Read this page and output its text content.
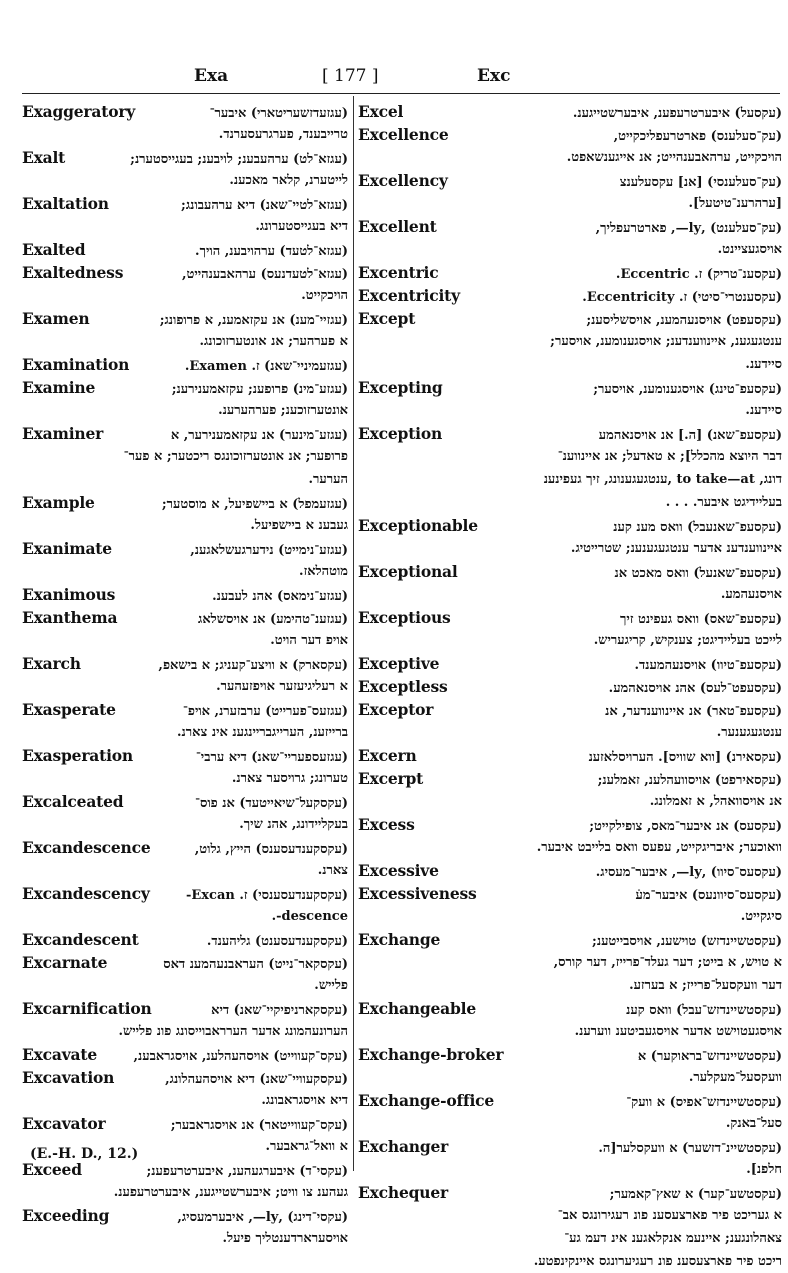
Exa	[ 177 ]	Exc
Exaggeratory	(עגזעדזשעריטארי) איבער־
טרייבענד, פערגרעסערנד.
Exalt	(עגזא־לט) ערהעבענ; לויבענ; בעגייסטערנ;
לייטערנ, קלאר מאכענ.
Exaltation	(עגזא־לטיי־שאנ) דיא ערהעבונג;
דיא בעגייסטערונג.
Exalted	(עגזא־לטעד) ערהויבענ, הויך.
Exaltedness	(עגזא־לטעדנעס) ערהאבענהייט,
הויכקייט.
Examen	(עגזיי־מענ) אנ עקזאמענ, א פרופונג;
א פערהער; אנ אונטערזוכונג.
Examination	(עגזעמיניי־שאנ) ז. Examen.
Examine	(עגזע־מינ) פרופענ; עקזאמענירענ;
אונטערזוכענ; פערהערענ.
Examiner	(עגזע־מינער) אנ עקזאמענירער, א
פרופער; אנ אונטערזוכונגס ריכטער; א פער־
הערער.
Example	(עגזעמפל) א ביישפיעל, א מוסטער;
געבענ א ביישפיעל.
Exanimate	(עגזע־נימייט) נידערגעשלאגענ,
מוטהלאז.
Exanimous	(עגזע־נימאס) אהנ לעבענ.
Exanthema	(עגזענ־טהימע) אנ אויסשלאג
אויפ דער הויט.
Exarch	(עקסארק) א וויצע־קעניג; א בישאפ,
א רעליגיעזער אויפזעהער.
Exasperate	(עגזעס־פערייט) ערבזערנ, אויפ־
ברייזענ, הערייגבריינגענ אינ צארנ.
Exasperation	(עגזעספעריי־שאנ) דיא ערבי־
טערונג; גרויסער צארנ.
Excalceated	(עקסקעל־שיאייטעד) אנ פוס־
בעקליידונג, אהנ שיך.
Excandescence	(עקסקענדעסענס) הייץ, גלוט,
צארנ.
Excandescency	(עקסקענדעסענסי) ז. Excan-
descence-.
Excandescent	(עקסקענדעסענט) גליהענד.
Excarnate	(עקסקאר־נייט) העראבנעהמענ דאס
פלייש.
Excarnification	(עקסקארניפיקיי־שאנ) דיא
הערונעהמונג אדער הערראבוייסונג פונ פלייש.
Excavate	(עקס־קעווייט) אויסהעהלענ, אויסגראבענ,
Excavation	(עקסקעוויי־שאנ) דיא אויסהעהלונג,
דיא אויסגראבונג.
Excavator	(עקס־קעווייטאר) אנ אויסגראבער;
א וואל־גראבער.
Exceed	(עקסי־ד) איבערגעהענ, איבערטרעפענ;
געהענ צו וויט; איבערשטייגענ, איבערטרעפענ.
Exceeding	(עקסי־דינג) ,ly—, איבערמעסיג,
אויסערארדענטליך פיעל.
Excel	(עקסעל) איבערטרעפענ, איבערשטייגענ.
Excellence	(עק־סעלענס) פארטרעפליכקייט,
הויכקייט, ערהאבענהייט; אנ אייגענשאפט.
Excellency	(עק־סעלענסי) [אנ] עקסעלענצ
[ערהרענ־טיטעל].
Excellent	(עק־סעלענט) ,ly—, פארטרעפליך,
אויסגעציינט.
Excentric	(עקסענ־טריק) ז. Eccentric.
Excentricity	(עקסענטרי־סיטי) ז. Eccentricity.
Except	(עקסעפט) אויסנעהמענ, אויסשליסענ;
ענטגעגענ, איינווענדענ; אויסגענומענ, אויסער;
סיידענ.
Excepting	(עקסעפ־טינג) אויסגענומענ, אויסער;
סיידענ.
Exception	(עקסעפ־שאנ) [ה.] אנ אויסנאהמע
דבר היוצא מהכלל]; א טאדעל; אנ איינווענ־
דונג, to take—at ,ענטגעגענונג, זיך געפינענ
בעליידיגט איבער. . . .
Exceptionable	(עקסעפ־שאנעבל) וואס מענ קענ
איינווענדענ אדער ענטגעגענענ; שטרייטיג.
Exceptional	(עקסעפ־שאנעל) וואס מאכט אנ
אויסנעהמע.
Exceptious	(עקסעפ־שאס) וואס געפינט זיך
לייכט בעליידיגט; צענקיש, קריגעריש.
Exceptive	(עקסעפ־טיוו) אויסנעהמענד.
Exceptless	(עקסעפט־לעס) אהנ אויסנאהמע.
Exceptor	(עקסעפ־טאר) אנ איינווענדער, אנ
ענטגעגענער.
Excern	(עקסאירנ) [ווא שוויס]. הערויסלאזענ
Excerpt	(עקסאירפט) אויסוועהלענ, זאמלענ;
אנ אויסוואהל, א זאמלונג.
Excess	(עקסעס) אנ איבער־מאס, צופילקייט;
וואוכער; איבריגקייט, עפעס וואס בלייבט איבער.
Excessive	(עקסעס־סיוו) ,ly—, איבער־מעסיג.
Excessiveness	(עקסעס־סיוונעס) איבער־מעֿ
סיגקייט.
Exchange	(עקסטשיינדזש) טוישענ, אויסבייטענ;
א טויש, א בייט; דער געלד־פרייז, דער קורס,
דער וועקסעל־פרייז; א בערזע.
Exchangeable	(עקסטשיינדזש־עבל) וואס קענ
אויסגעטוישט אדער אויסגעביטענ ווערענ.
Exchange-broker	(עקסטשיינדזש־בראוקער) א
וועקסעל־מעקלער.
Exchange-office	(עקסטשיינדזש־אפיס) א וועק־
סעל־באנק.
Exchanger	(עקסטשיינ־דזשער) א וועקסלער[ה.
חלפנ].
Exchequer	(עקסטשע־קער) א שאץ־קאמער;
א געריכט פיר פארצעסענ פונ רעגירונגס אב־
צאהלונגענ; איינעמ אנקלאגענ אינ דעמ גע־
ריכט פיר פארצעסענ פונ רעגיערונגס איינקינפטע.
(E.-H. D., 12.)
